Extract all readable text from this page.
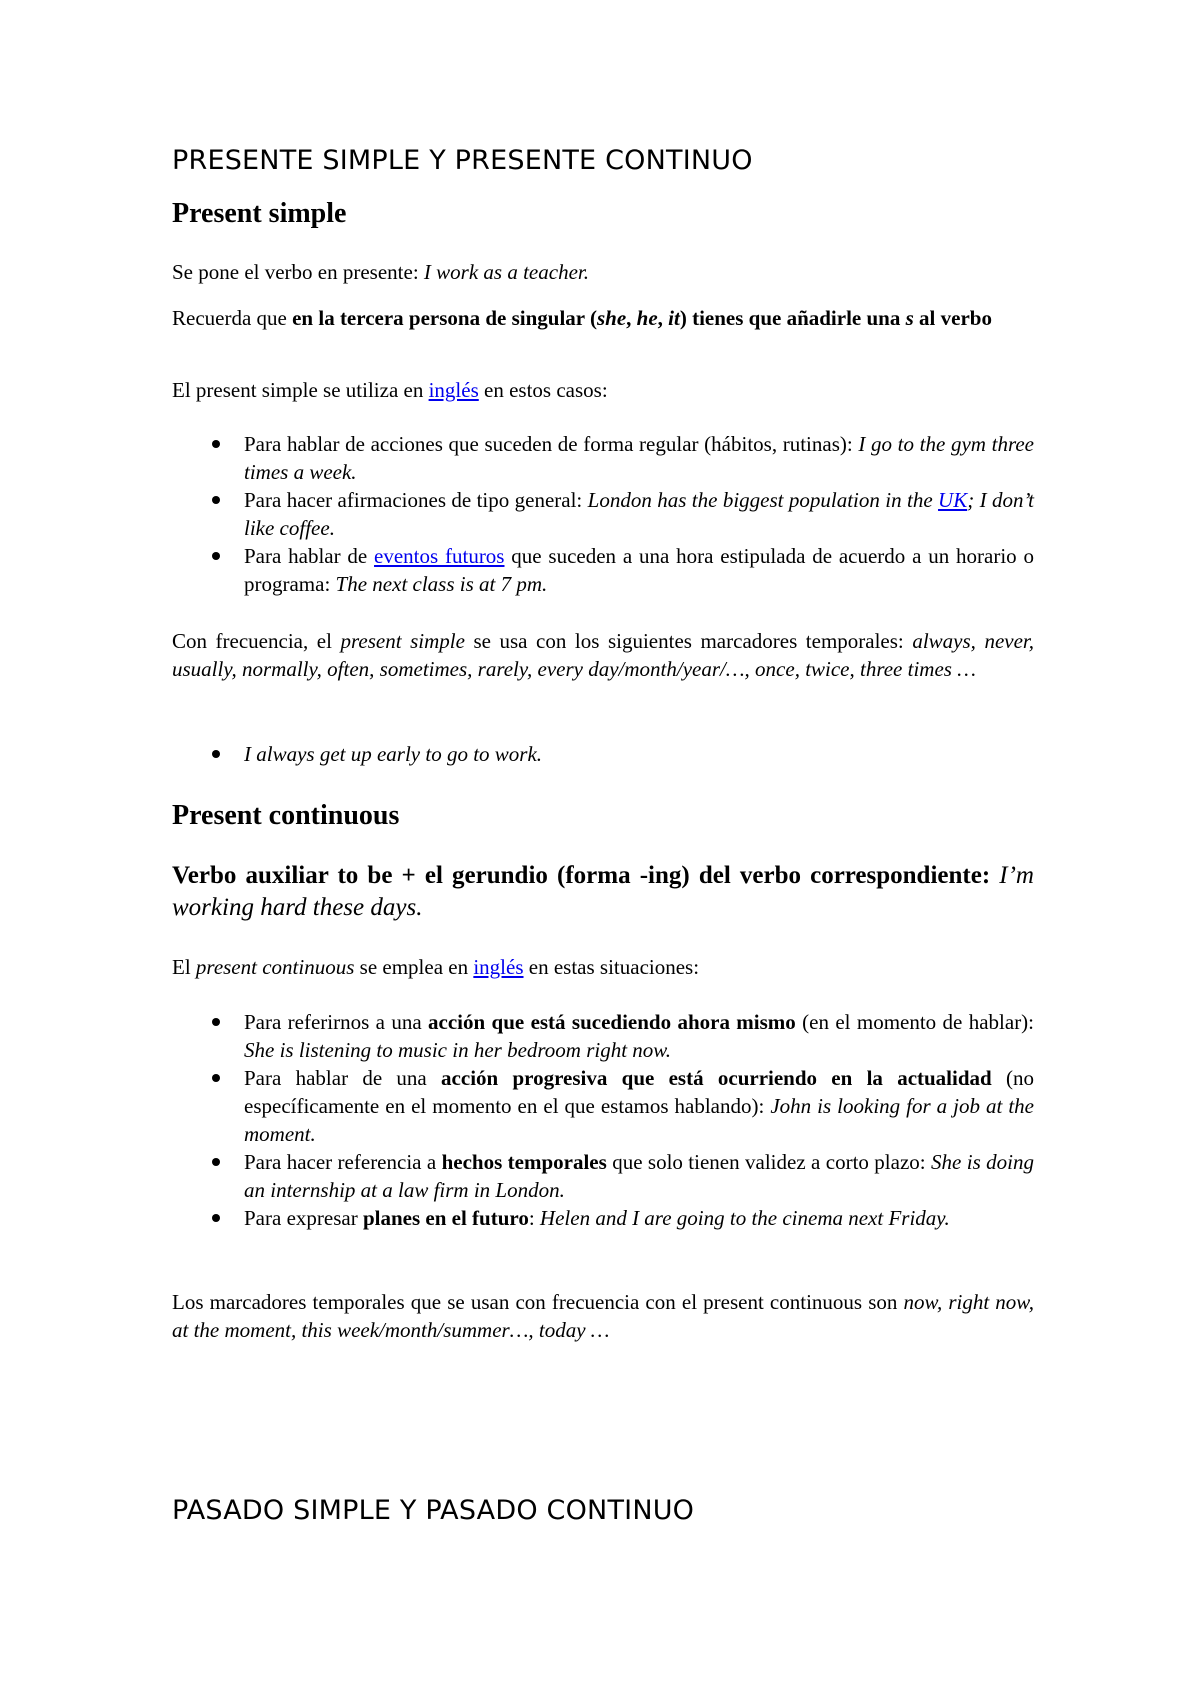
PRESENTE SIMPLE Y PRESENTE CONTINUO
Present simple

Se pone el verbo en presente: I work as a teacher.

Recuerda que en la tercera persona de singular (she, he, it) tienes que añadirle una s al verbo

El present simple se utiliza en inglés en estos casos:

Para hablar de acciones que suceden de forma regular (hábitos, rutinas): I go to the gym three times a week.
Para hacer afirmaciones de tipo general: London has the biggest population in the UK; I don’t like coffee.
Para hablar de eventos futuros que suceden a una hora estipulada de acuerdo a un horario o programa: The next class is at 7 pm.

Con frecuencia, el present simple se usa con los siguientes marcadores temporales: always, never, usually, normally, often, sometimes, rarely, every day/month/year/…, once, twice, three times …

I always get up early to go to work.
Present continuous

Verbo auxiliar to be + el gerundio (forma -ing) del verbo correspondiente: I’m working hard these days.

El present continuous se emplea en inglés en estas situaciones:

Para referirnos a una acción que está sucediendo ahora mismo (en el momento de hablar): She is listening to music in her bedroom right now.
Para hablar de una acción progresiva que está ocurriendo en la actualidad (no específicamente en el momento en el que estamos hablando): John is looking for a job at the moment.
Para hacer referencia a hechos temporales que solo tienen validez a corto plazo: She is doing an internship at a law firm in London.
Para expresar planes en el futuro: Helen and I are going to the cinema next Friday.

Los marcadores temporales que se usan con frecuencia con el present continuous son now, right now, at the moment, this week/month/summer…, today …

PASADO SIMPLE Y PASADO CONTINUO
